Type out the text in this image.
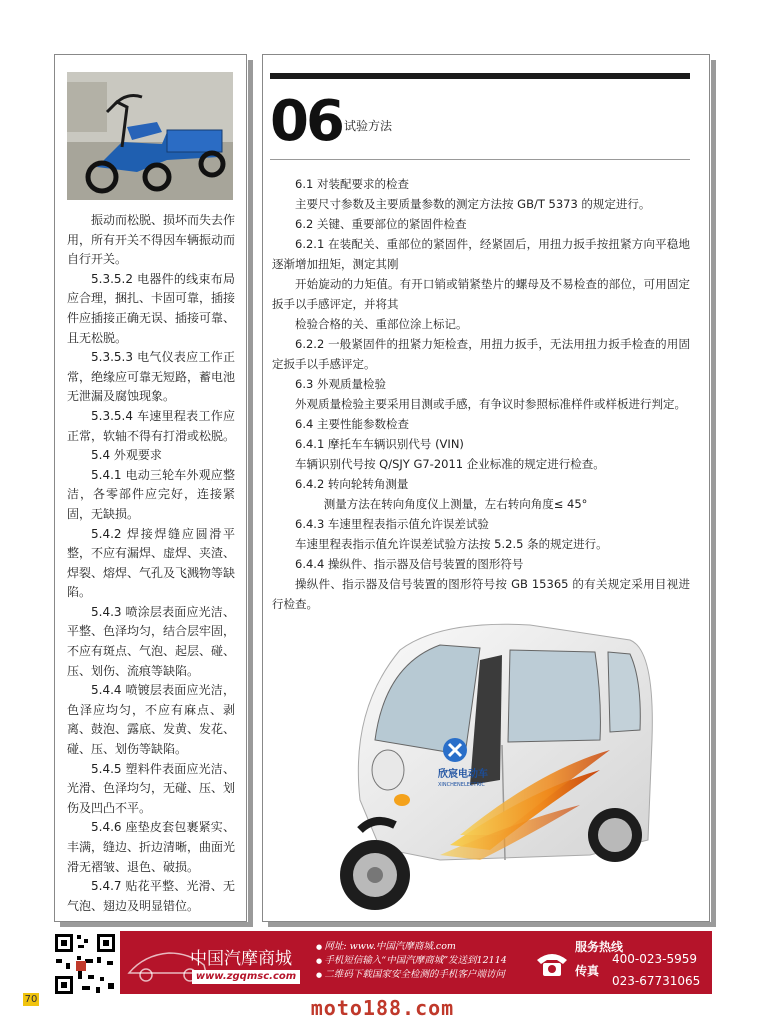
振动而松脱、损坏而失去作用，所有开关不得因车辆振动而自行开关。

5.3.5.2 电器件的线束布局应合理，捆扎、卡固可靠，插接件应插接正确无误、插接可靠、且无松脱。

5.3.5.3 电气仪表应工作正常，绝缘应可靠无短路，蓄电池无泄漏及腐蚀现象。

5.3.5.4 车速里程表工作应正常，软轴不得有打滑或松脱。

5.4 外观要求

5.4.1 电动三轮车外观应整洁，各零部件应完好，连接紧固，无缺损。

5.4.2 焊接焊缝应圆滑平整，不应有漏焊、虚焊、夹渣、焊裂、熔焊、气孔及飞溅物等缺陷。

5.4.3 喷涂层表面应光洁、平整、色泽均匀，结合层牢固，不应有斑点、气泡、起层、碰、压、划伤、流痕等缺陷。

5.4.4 喷镀层表面应光洁，色泽应均匀，不应有麻点、剥离、鼓泡、露底、发黄、发花、碰、压、划伤等缺陷。

5.4.5 塑料件表面应光洁、光滑、色泽均匀，无碰、压、划伤及凹凸不平。

5.4.6 座垫皮套包裹紧实、丰满，缝边、折边清晰，曲面光滑无褶皱、退色、破损。

5.4.7 贴花平整、光滑、无气泡、翅边及明显错位。

06 试验方法

6.1 对装配要求的检查

主要尺寸参数及主要质量参数的测定方法按 GB/T 5373 的规定进行。

6.2 关键、重要部位的紧固件检查

6.2.1 在装配关、重部位的紧固件，经紧固后，用扭力扳手按扭紧方向平稳地逐渐增加扭矩，测定其刚

开始旋动的力矩值。有开口销或销紧垫片的螺母及不易检查的部位，可用固定扳手以手感评定，并将其

检验合格的关、重部位涂上标记。

6.2.2 一般紧固件的扭紧力矩检查，用扭力扳手，无法用扭力扳手检查的用固定扳手以手感评定。

6.3 外观质量检验

外观质量检验主要采用目测或手感，有争议时参照标准样件或样板进行判定。

6.4 主要性能参数检查

6.4.1 摩托车车辆识别代号 (VIN)

车辆识别代号按 Q/SJY G7-2011 企业标准的规定进行检查。

6.4.2 转向轮转角测量

测量方法在转向角度仪上测量，左右转向角度≤ 45°

6.4.3 车速里程表指示值允许误差试验

车速里程表指示值允许误差试验方法按 5.2.5 条的规定进行。

6.4.4 操纵件、指示器及信号装置的图形符号

操纵件、指示器及信号装置的图形符号按 GB 15365 的有关规定采用目视进行检查。

欣宸电动车
XINCHENELECTRIC
中国汽摩商城
www.zgqmsc.com
● 网址: www.中国汽摩商城.com
● 手机短信输入“中国汽摩商城”发送到12114
● 二维码下载国家安全检测的手机客户端访问
服务热线
传真
400-023-5959
023-67731065
70	moto188.com
